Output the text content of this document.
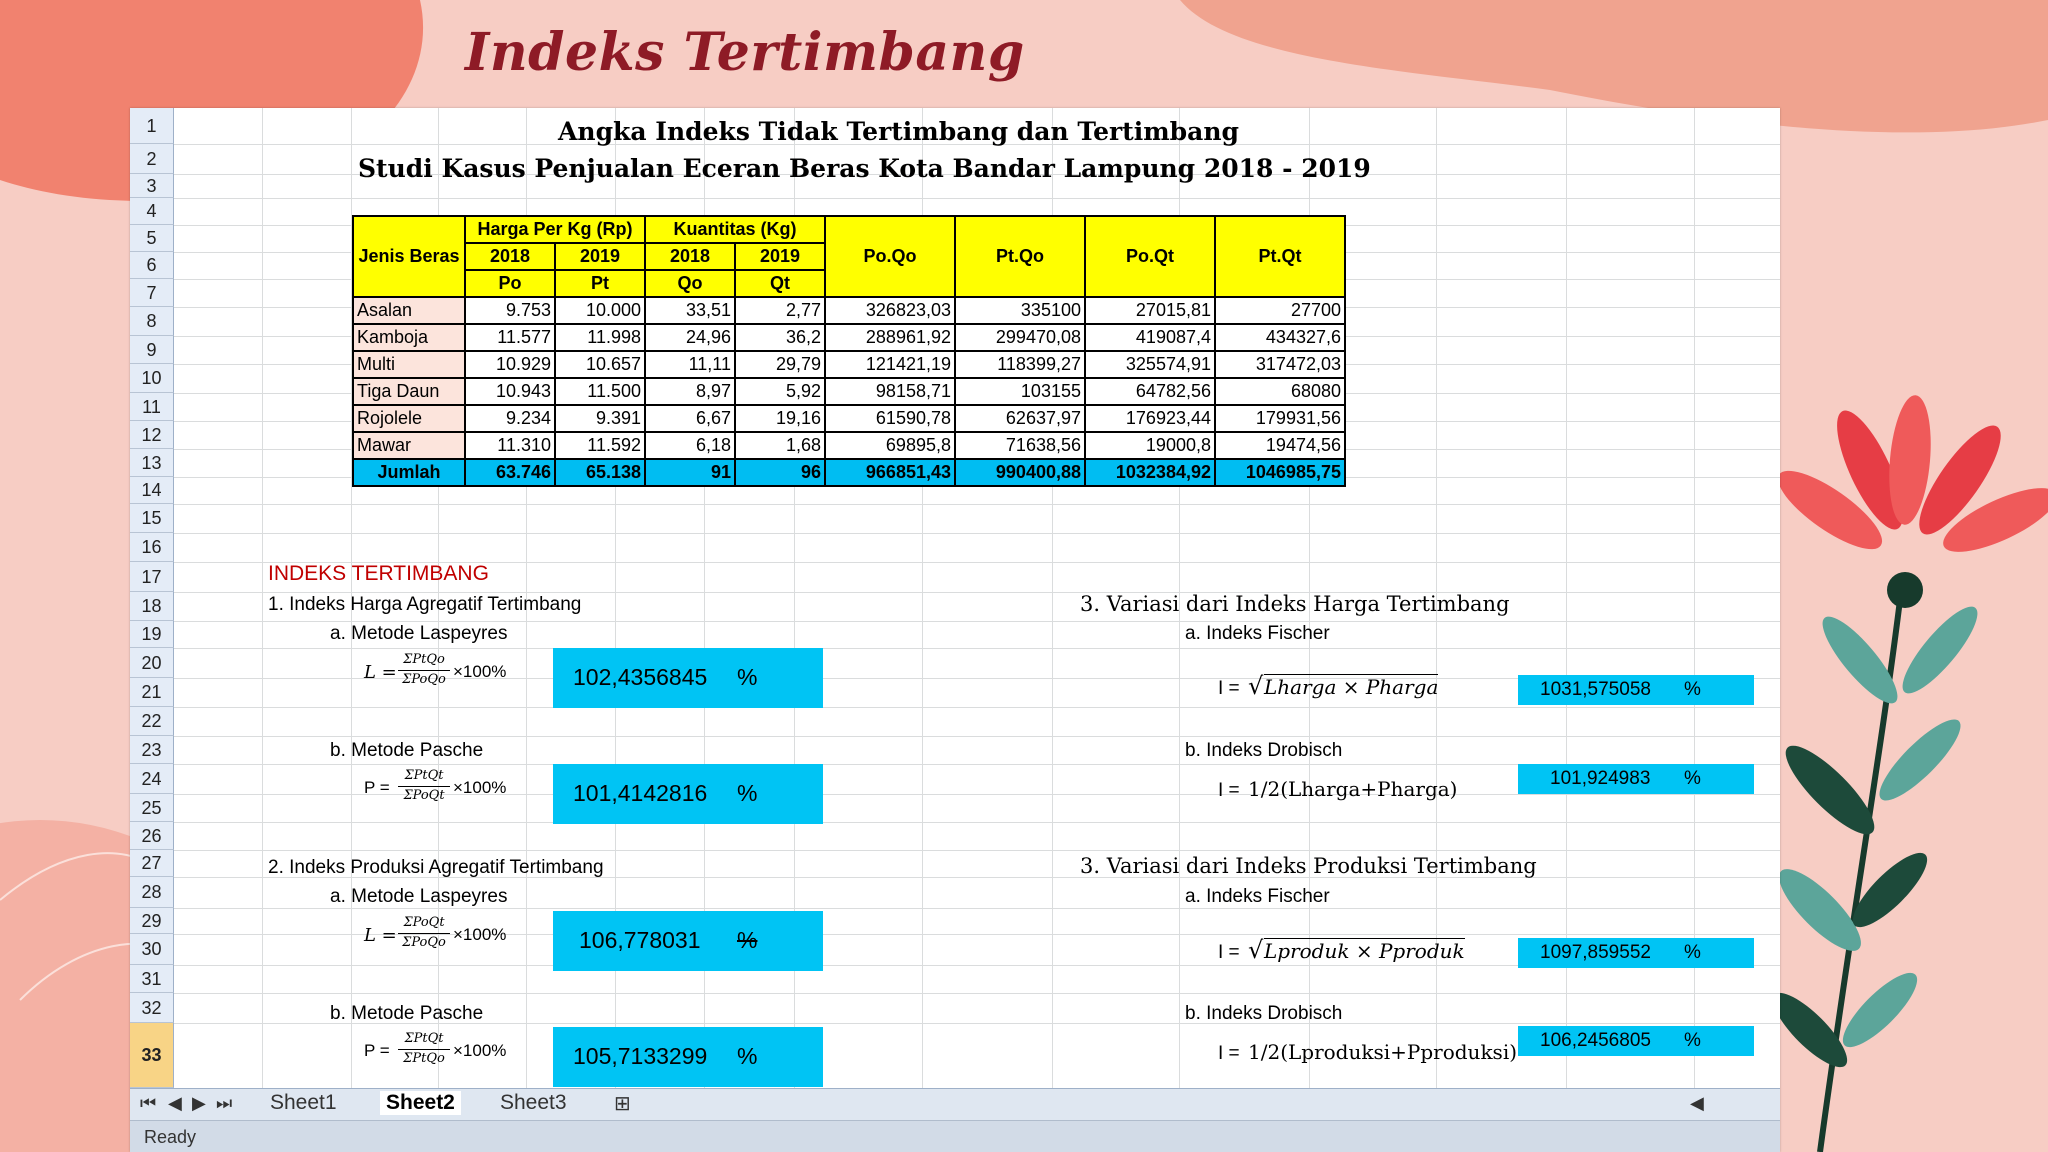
Indeks Tertimbang
1
2
3
4
5
6
7
8
9
10
11
12
13
14
15
16
17
18
19
20
21
22
23
24
25
26
27
28
29
30
31
32
33
Angka Indeks Tidak Tertimbang dan Tertimbang
Studi Kasus Penjualan Eceran Beras Kota Bandar Lampung 2018 - 2019
Jenis Beras	Harga Per Kg (Rp)		Kuantitas (Kg)		Po.Qo	Pt.Qo	Po.Qt	Pt.Qt
	2018	2019	2018	2019				
	Po	Pt	Qo	Qt				
Asalan	9.753	10.000	33,51	2,77	326823,03	335100	27015,81	27700
Kamboja	11.577	11.998	24,96	36,2	288961,92	299470,08	419087,4	434327,6
Multi	10.929	10.657	11,11	29,79	121421,19	118399,27	325574,91	317472,03
Tiga Daun	10.943	11.500	8,97	5,92	98158,71	103155	64782,56	68080
Rojolele	9.234	9.391	6,67	19,16	61590,78	62637,97	176923,44	179931,56
Mawar	11.310	11.592	6,18	1,68	69895,8	71638,56	19000,8	19474,56
Jumlah	63.746	65.138	91	96	966851,43	990400,88	1032384,92	1046985,75
INDEKS TERTIMBANG
1. Indeks Harga Agregatif Tertimbang
a. Metode Laspeyres
b. Metode Pasche
2. Indeks Produksi Agregatif Tertimbang
a. Metode Laspeyres
b. Metode Pasche
3. Variasi dari Indeks Harga Tertimbang
a. Indeks Fischer
b. Indeks Drobisch
3. Variasi dari Indeks Produksi Tertimbang
a. Indeks Fischer
b. Indeks Drobisch
L =
ΣPtQo
ΣPoQo ×100%
P =
ΣPtQt
ΣPoQt ×100%
L =
ΣPoQt
ΣPoQo ×100%
P =
ΣPtQt
ΣPtQo ×100%
I = √ Lharga × Pharga
I = 1/2(Lharga+Pharga)
I = √ Lproduk × Pproduk
I = 1/2(Lproduksi+Pproduksi)
102,4356845 %
101,4142816 %
106,778031 %
105,7133299 %
1031,575058 %
101,924983 %
1097,859552 %
106,2456805 %
⏮ ◀ ▶ ⏭ Sheet1 Sheet2 Sheet3 ⊞	◀
Ready
